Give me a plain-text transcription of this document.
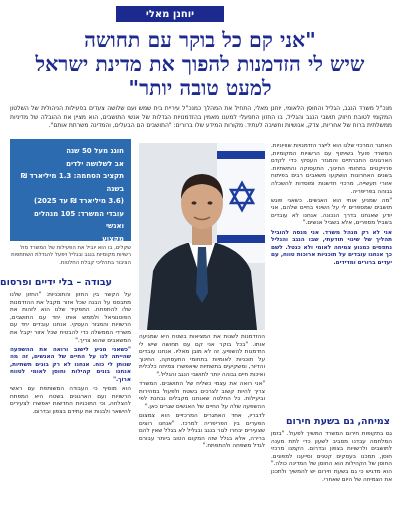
יוחנן מאלי
"אני קם כל בוקר עם תחושה
שיש לי הזדמנות להפוך את מדינת ישראל
למעט טובה יותר"

מנכ"ל משרד הנגב, הגליל והחוסן הלאומי, יוחנן מאלי, התחיל את המהלך כמנכ"ל עיריית בית שמש ועם שלושה צעדים בפעילות הניהולית של השלטון המקומי לטובת חיזוק תושבי הנגב והגליל, בו החזון התפעלי למענו מאמין בהזדמנויות הגדלות של אנשי התושבים, הוא מציין את ההובלה של מדיניות ממשלתית ברוח של אחריות, צדק, אנושיות וחשיבה לעתיד. מקורות המידע שלו ברורים: "התושבים הם הבעלים, והמדינה משרתת אותם".

חוגג מעל 50 שנה

אב לשלושה ילדים

תקציב הסחמה: 1.3 מיליארד ₪ בשנה

(3.6 מיליארד ₪ עד 2025)

עובדי המשרד: 105 מנהלים ואנשי

מקצוע

שקלים, בו הוא יוביל את הפעילות של המשרד מול רשויות מקומיות בנגב ובגליל ויפעל להגדלת השתתפות הציבור בתהליכי קבלת החלטות.

עבודה – בלי ידיים ופרסום

על הקשר בין החזון והתוכניות: "החזון שלנו מתבסס על הבנה שכל אזור מקבל את ההזדמנות שלו להתפתח. התפקיד שלנו הוא לזהות את הפוטנציאל ולממש אותו יחד עם התושבים, הרשויות והמגזר העסקי. אנחנו עובדים יחד עם משרדי הממשלה כדי להבטיח שכל אזור יקבל את המשאבים שהוא צריך."

"כשאני מגיע לישוב ורואה את ההשפעה שהייתה לנו על החיים של האנשים, זה מה שנותן לי כוח. אנחנו לא רק בונים תשתיות, אנחנו בונים קהילות וחוסן לאומי לטווח ארוך."

הוא מוסיף כי העבודה המשותפת עם ראשי הרשויות ועם הארגונים בשטח היא המפתח להצלחה, וכי התוכניות החדשות יאפשרו לצעירים להישאר ולבנות את עתידם בצפון ובדרום.

ההזדמנות לשנות את המציאות בשטח היא שמניעה אותו. "בכל בוקר אני קם עם תחושה שיש לי הזדמנות להשפיע. זה לא מובן מאליו. אנחנו עובדים על תוכניות לאומיות בתחומי התעסוקה, החינוך והדיור, ומשקיעים בתשתיות שיאפשרו צמיחה כלכלית ואיכות חיים גבוהה יותר לתושבי הנגב והגליל."

"אני רואה את עצמי כשליח של התושבים. המשרד צריך להיות קשוב לצרכים בשטח ולפעול במהירות וביעילות. כל החלטה שאנחנו מקבלים נבחנת לפי ההשפעה שלה על החיים של האנשים שגרים כאן."

לדבריו, אחד האתגרים המרכזיים הוא צמצום הפערים בין הפריפריה למרכז. "אנחנו רוצים שצעירים יבחרו לגור בנגב ובגליל לא בגלל שאין להם ברירה, אלא בגלל שזה המקום הטוב ביותר עבורם לגדל משפחה ולהתפתח."

האתגר המרכזי שלנו הוא לייצר הזדמנויות שוויוניות. המשרד פועל בשיתוף עם הרשויות המקומיות, הארגונים החברתיים והמגזר העסקי כדי לקדם פרויקטים בתחומי החינוך, התעסוקה והתשתיות. בשנים האחרונות הושקעו משאבים רבים בפיתוח אזורי תעשייה, מרכזי חדשנות ומוסדות להשכלה גבוהה בפריפריה.

"מה שמניע אותי הוא האנשים. כשאני פוגש תושבים שמספרים לי על השינוי בחיים שלהם, אני יודע שאנחנו בדרך הנכונה. אנחנו לא עובדים בשביל מספרים, אלא בשביל אנשים."

אני לא רק מנהל משרד. אני מנסה להוביל תהליך של שינוי תודעתי, שבו הנגב והגליל נתפסים כמנוע צמיחה לאומי ולא כנטל. לשם כך אנחנו עובדים על תוכניות ארוכות טווח, עם יעדים ברורים ומדידים.

צמיחה, גם בשעת חירום

גם בתקופות חירום המשרד המשיך לפעול. "בזמן המלחמה עבדנו מסביב לשעון כדי לתת מענה לתושבים ולרשויות בצפון ובדרום. הקמנו מרכזי חוסן, תמכנו בעסקים קטנים וסייענו למפונים. החוסן של הקהילות הוא החוסן של המדינה כולה." הוא מדגיש כי גם בשעת חירום יש להמשיך ולתכנן את הצמיחה של היום שאחרי.
